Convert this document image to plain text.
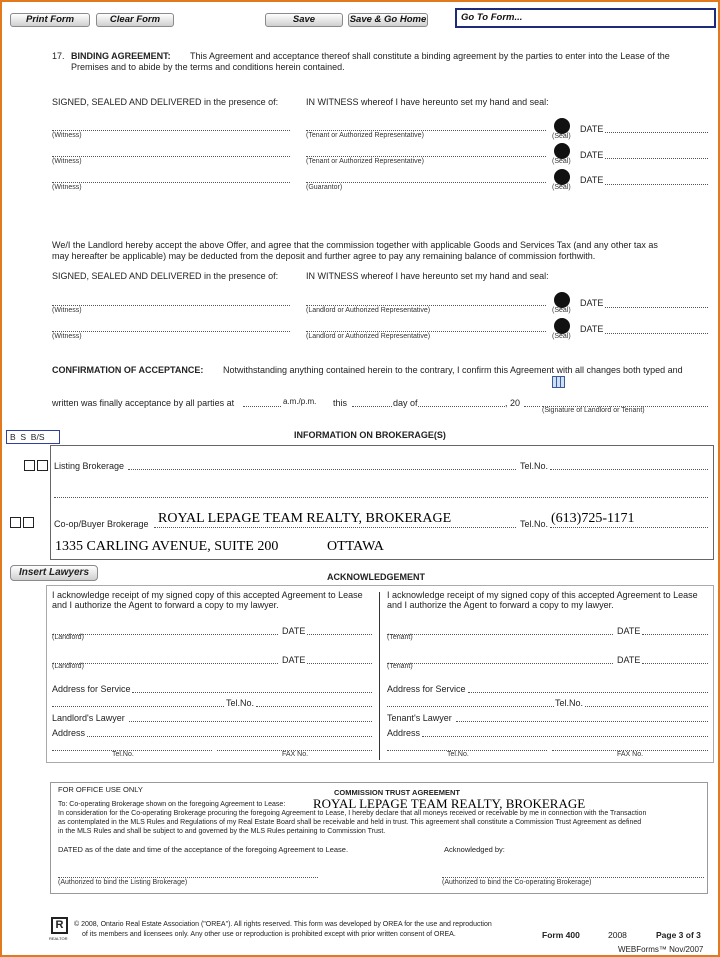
Print Form	Clear Form	Save	Save & Go Home	Go To Form...
17. BINDING AGREEMENT: This Agreement and acceptance thereof shall constitute a binding agreement by the parties to enter into the Lease of the
Premises and to abide by the terms and conditions herein contained.
SIGNED, SEALED AND DELIVERED in the presence of:	IN WITNESS whereof I have hereunto set my hand and seal:
(Witness)	(Tenant or Authorized Representative)	(Seal)
DATE
(Witness)	(Tenant or Authorized Representative)	(Seal)
DATE
(Witness)	(Guarantor)	(Seal)
DATE
We/I the Landlord hereby accept the above Offer, and agree that the commission together with applicable Goods and Services Tax (and any other tax as
may hereafter be applicable) may be deducted from the deposit and further agree to pay any remaining balance of commission forthwith.
SIGNED, SEALED AND DELIVERED in the presence of:	IN WITNESS whereof I have hereunto set my hand and seal:
(Witness)	(Landlord or Authorized Representative)	(Seal)
DATE
(Witness)	(Landlord or Authorized Representative)	(Seal)
DATE
CONFIRMATION OF ACCEPTANCE: Notwithstanding anything contained herein to the contrary, I confirm this Agreement with all changes both typed and
written was finally acceptance by all parties at	a.m./p.m. this	day of	, 20
(Signature of Landlord or Tenant)
B  S  B/S	INFORMATION ON BROKERAGE(S)
Listing Brokerage	Tel.No.
Co-op/Buyer Brokerage ROYAL LEPAGE TEAM REALTY, BROKERAGE	Tel.No. (613)725-1171
1335 CARLING AVENUE, SUITE 200	OTTAWA
Insert Lawyers	ACKNOWLEDGEMENT
I acknowledge receipt of my signed copy of this accepted Agreement to Lease
and I authorize the Agent to forward a copy to my lawyer.
(Landlord)
DATE
(Landlord)
DATE
Address for Service
Tel.No.
Landlord's Lawyer
Address
Tel.No.	FAX No.
I acknowledge receipt of my signed copy of this accepted Agreement to Lease
and I authorize the Agent to forward a copy to my lawyer.
(Tenant)
DATE
(Tenant)
DATE
Address for Service
Tel.No.
Tenant's Lawyer
Address
Tel.No.	FAX No.
FOR OFFICE USE ONLY	COMMISSION TRUST AGREEMENT
To: Co-operating Brokerage shown on the foregoing Agreement to Lease: ROYAL LEPAGE TEAM REALTY, BROKERAGE
In consideration for the Co-operating Brokerage procuring the foregoing Agreement to Lease, I hereby declare that all moneys received or receivable by me in connection with the Transaction
as contemplated in the MLS Rules and Regulations of my Real Estate Board shall be receivable and held in trust. This agreement shall constitute a Commission Trust Agreement as defined
in the MLS Rules and shall be subject to and governed by the MLS Rules pertaining to Commission Trust.
DATED as of the date and time of the acceptance of the foregoing Agreement to Lease.	Acknowledged by:
(Authorized to bind the Listing Brokerage)	(Authorized to bind the Co-operating Brokerage)
R
REALTOR
© 2008, Ontario Real Estate Association ("OREA"). All rights reserved. This form was developed by OREA for the use and reproduction
of its members and licensees only. Any other use or reproduction is prohibited except with prior written consent of OREA.	Form 400	2008	Page 3 of 3
WEBForms™ Nov/2007
